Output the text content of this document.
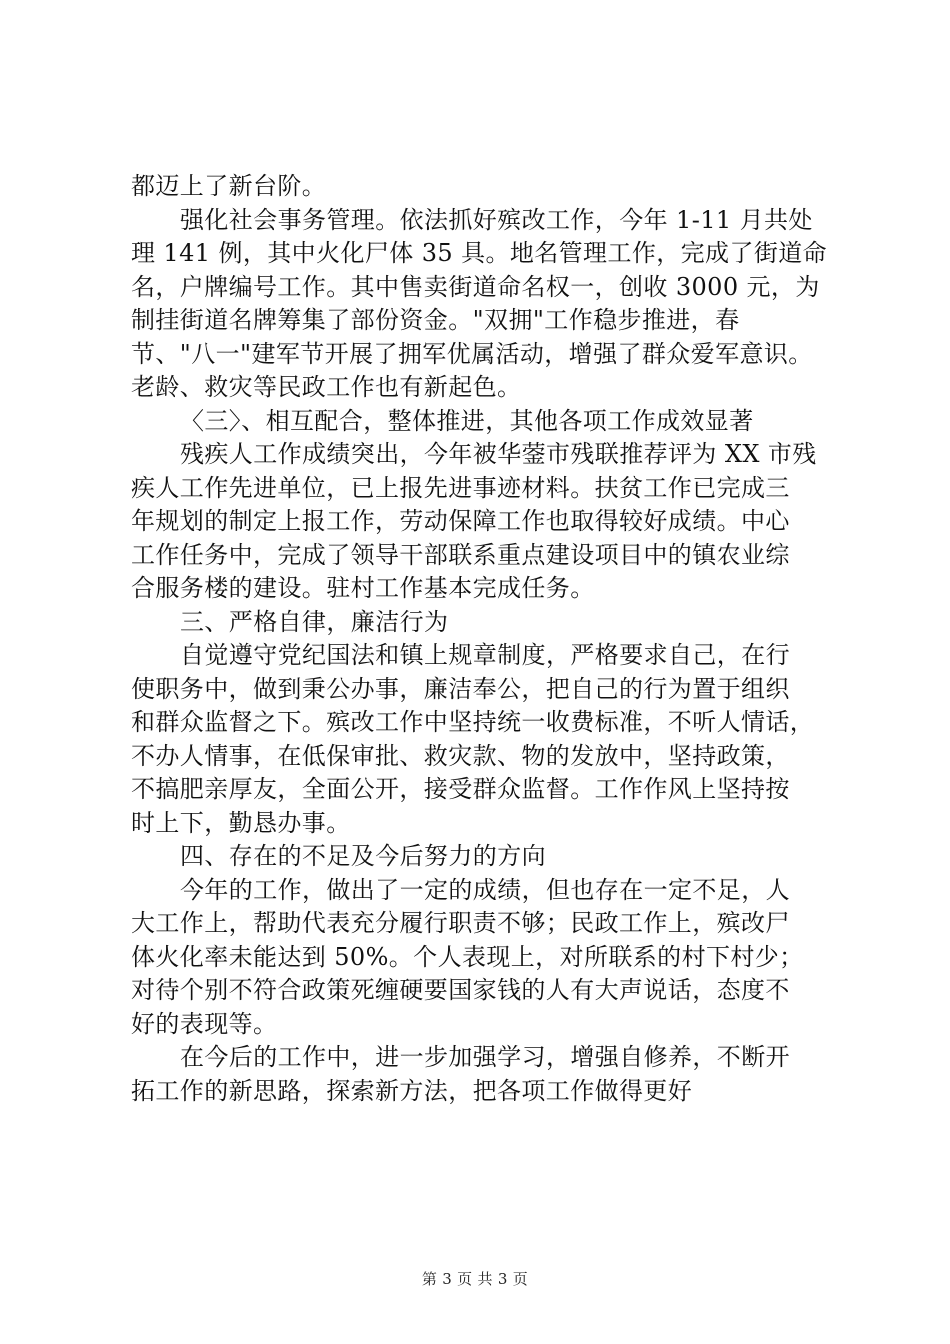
都迈上了新台阶。
强化社会事务管理。依法抓好殡改工作，今年 1-11 月共处
理 141 例，其中火化尸体 35 具。地名管理工作，完成了街道命
名，户牌编号工作。其中售卖街道命名权一，创收 3000 元，为
制挂街道名牌筹集了部份资金。"双拥"工作稳步推进，春
节、"八一"建军节开展了拥军优属活动，增强了群众爱军意识。
老龄、救灾等民政工作也有新起色。
〈三〉、相互配合，整体推进，其他各项工作成效显著
残疾人工作成绩突出，今年被华蓥市残联推荐评为 XX 市残
疾人工作先进单位，已上报先进事迹材料。扶贫工作已完成三
年规划的制定上报工作，劳动保障工作也取得较好成绩。中心
工作任务中，完成了领导干部联系重点建设项目中的镇农业综
合服务楼的建设。驻村工作基本完成任务。
三、严格自律，廉洁行为
自觉遵守党纪国法和镇上规章制度，严格要求自己，在行
使职务中，做到秉公办事，廉洁奉公，把自己的行为置于组织
和群众监督之下。殡改工作中坚持统一收费标准，不听人情话，
不办人情事，在低保审批、救灾款、物的发放中，坚持政策，
不搞肥亲厚友，全面公开，接受群众监督。工作作风上坚持按
时上下，勤恳办事。
四、存在的不足及今后努力的方向
今年的工作，做出了一定的成绩，但也存在一定不足，人
大工作上，帮助代表充分履行职责不够；民政工作上，殡改尸
体火化率未能达到 50%。个人表现上，对所联系的村下村少；
对待个别不符合政策死缠硬要国家钱的人有大声说话，态度不
好的表现等。
在今后的工作中，进一步加强学习，增强自修养，不断开
拓工作的新思路，探索新方法，把各项工作做得更好
第 3 页 共 3 页
